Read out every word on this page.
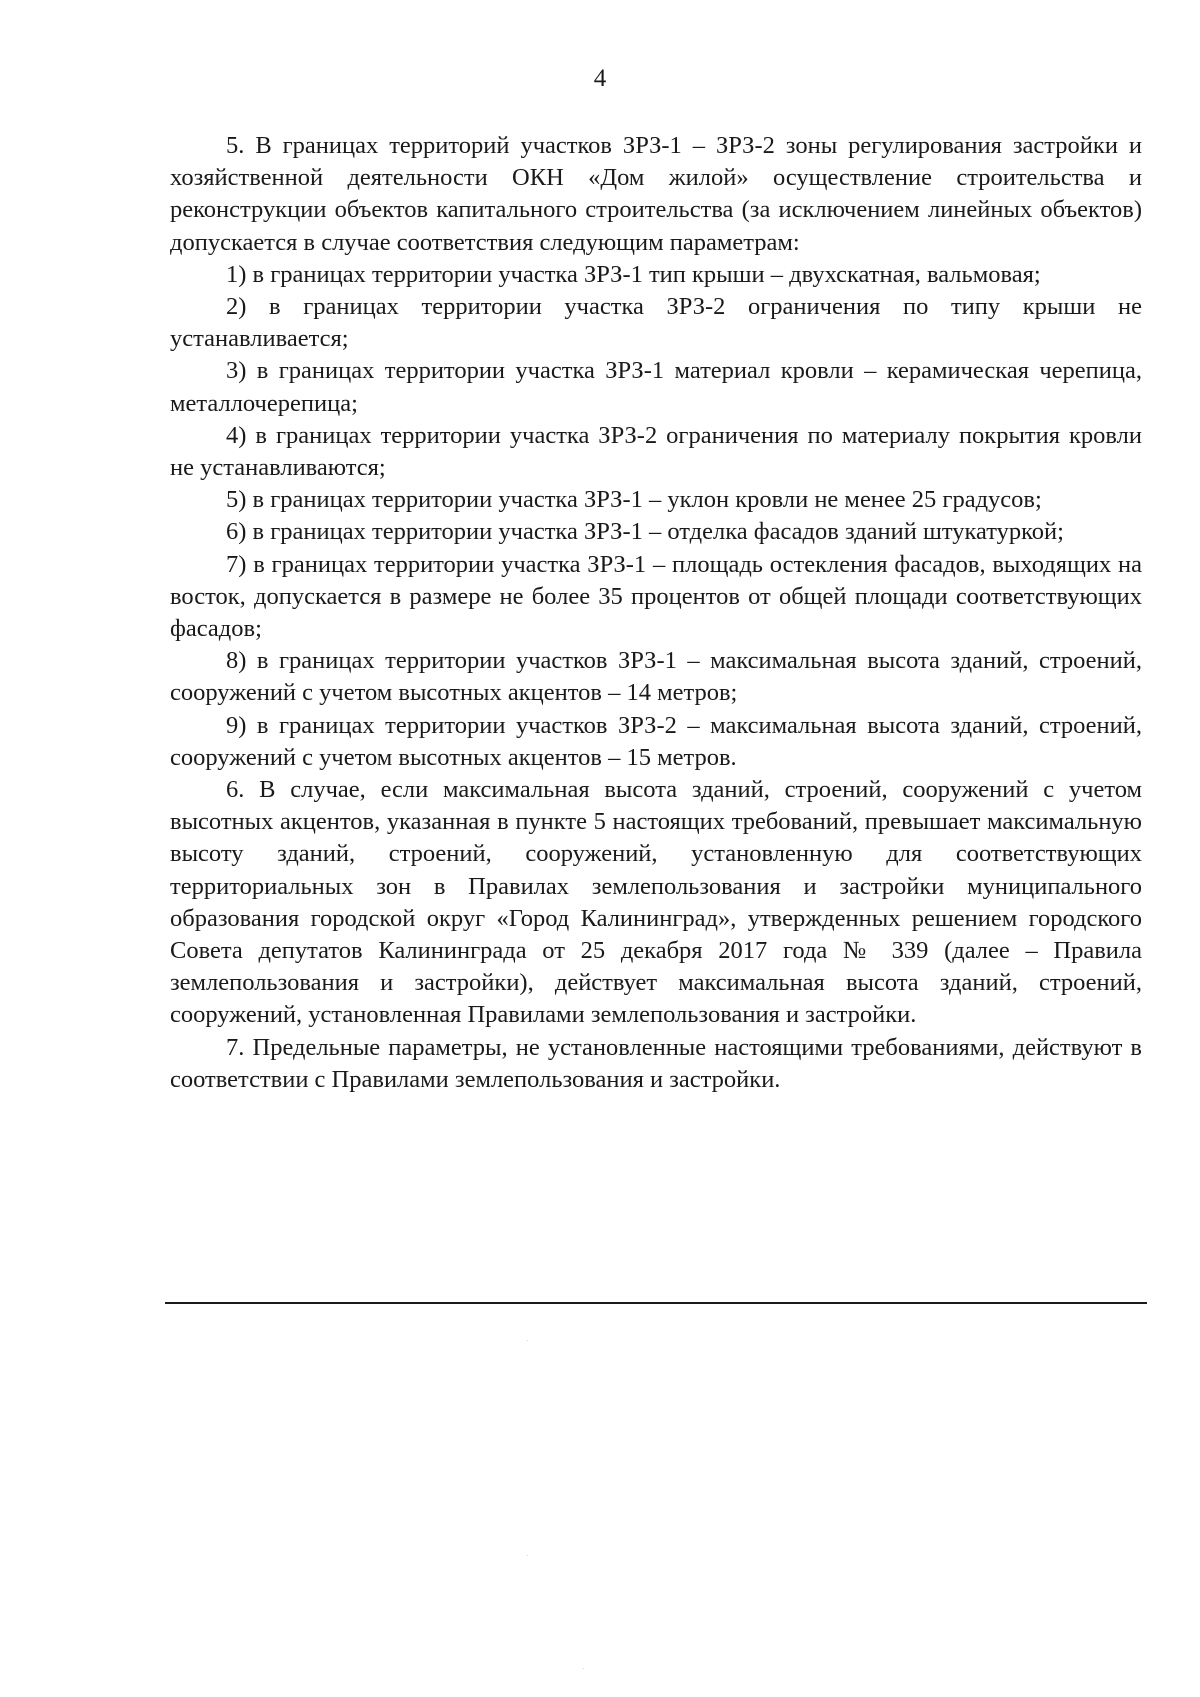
4

5. В границах территорий участков ЗРЗ-1 – ЗРЗ-2 зоны регулирования застройки и хозяйственной деятельности ОКН «Дом жилой» осуществление строительства и реконструкции объектов капитального строительства (за исключением линейных объектов) допускается в случае соответствия следующим параметрам:

1) в границах территории участка ЗРЗ-1 тип крыши – двухскатная, вальмовая;

2) в границах территории участка ЗРЗ-2 ограничения по типу крыши не устанавливается;

3) в границах территории участка ЗРЗ-1 материал кровли – керамическая черепица, металлочерепица;

4) в границах территории участка ЗРЗ-2 ограничения по материалу покрытия кровли не устанавливаются;

5) в границах территории участка ЗРЗ-1 – уклон кровли не менее 25 градусов;

6) в границах территории участка ЗРЗ-1 – отделка фасадов зданий штукатуркой;

7) в границах территории участка ЗРЗ-1 – площадь остекления фасадов, выходящих на восток, допускается в размере не более 35 процентов от общей площади соответствующих фасадов;

8) в границах территории участков ЗРЗ-1 – максимальная высота зданий, строений, сооружений с учетом высотных акцентов – 14 метров;

9) в границах территории участков ЗРЗ-2 – максимальная высота зданий, строений, сооружений с учетом высотных акцентов – 15 метров.

6. В случае, если максимальная высота зданий, строений, сооружений с учетом высотных акцентов, указанная в пункте 5 настоящих требований, превышает максимальную высоту зданий, строений, сооружений, установленную для соответствующих территориальных зон в Правилах землепользования и застройки муниципального образования городской округ «Город Калининград», утвержденных решением городского Совета депутатов Калининграда от 25 декабря 2017 года № 339 (далее – Правила землепользования и застройки), действует максимальная высота зданий, строений, сооружений, установленная Правилами землепользования и застройки.

7. Предельные параметры, не установленные настоящими требованиями, действуют в соответствии с Правилами землепользования и застройки.
